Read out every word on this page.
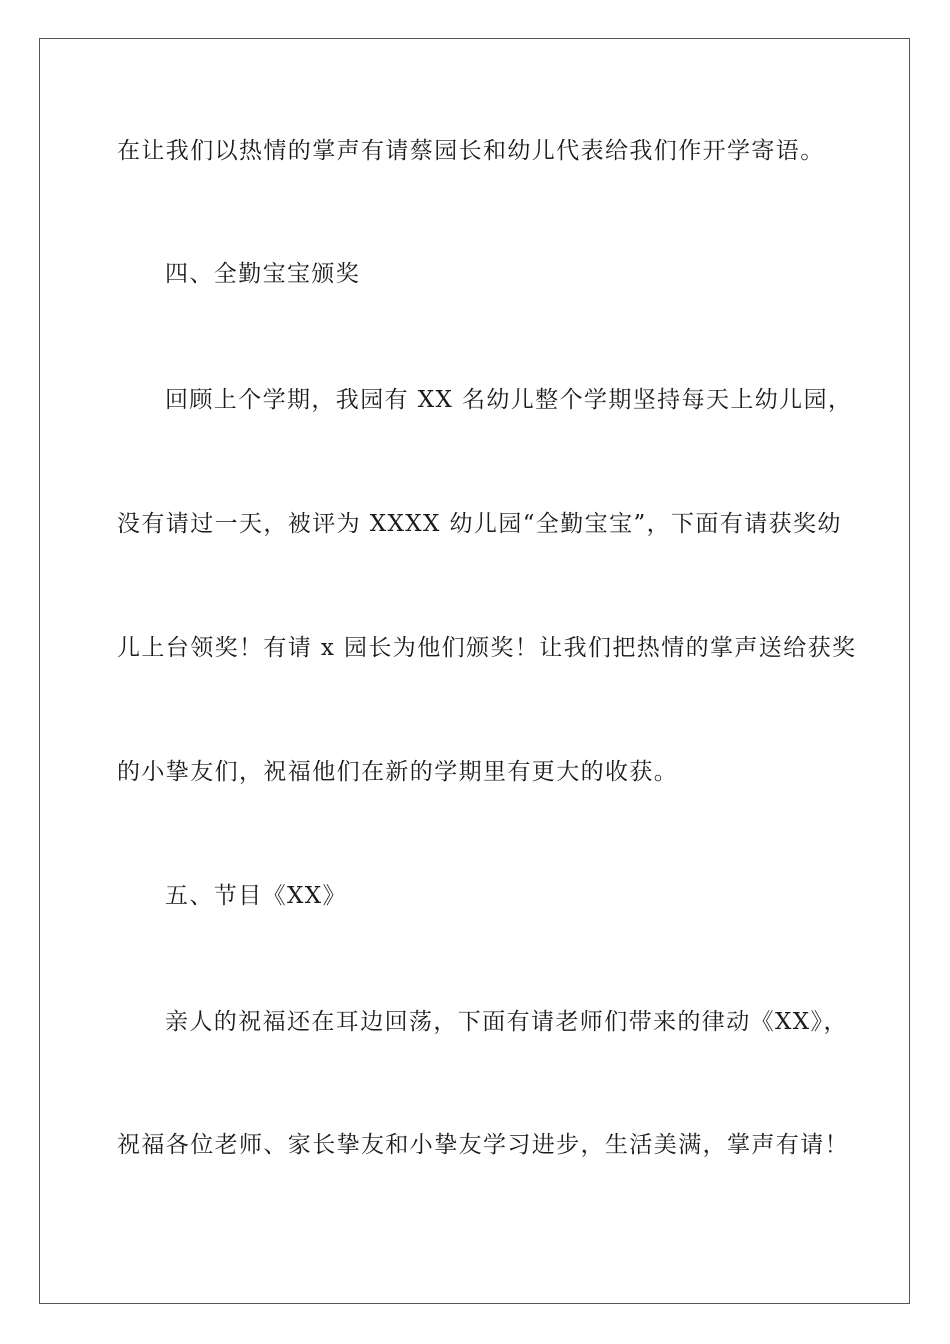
在让我们以热情的掌声有请蔡园长和幼儿代表给我们作开学寄语。
四、全勤宝宝颁奖
回顾上个学期，我园有 XX 名幼儿整个学期坚持每天上幼儿园，
没有请过一天，被评为 XXXX 幼儿园“全勤宝宝”，下面有请获奖幼
儿上台领奖！有请 x 园长为他们颁奖！让我们把热情的掌声送给获奖
的小挚友们，祝福他们在新的学期里有更大的收获。
五、节目《XX》
亲人的祝福还在耳边回荡，下面有请老师们带来的律动《XX》，
祝福各位老师、家长挚友和小挚友学习进步，生活美满，掌声有请！
